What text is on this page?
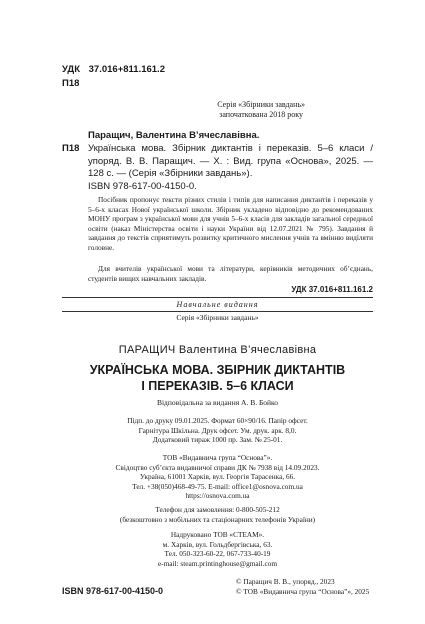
УДК 37.016+811.161.2
П18

Серія «Збірники завдань»

започаткована 2018 року

Паращич, Валентина В’ячеславівна.
П18 Українська мова. Збірник диктантів і переказів. 5–6 класи / упоряд. В. В. Паращич. — Х. : Вид. група «Основа», 2025. — 128 с. — (Серія «Збірники завдань»).
ISBN 978-617-00-4150-0.
Посібник пропонує тексти різних стилів і типів для написання диктантів і переказів у 5–6-х класах Нової української школи. Збірник укладено відповідно до рекомендованих МОНУ програм з української мови для учнів 5–6-х класів для закладів загальної середньої освіти (наказ Міністерства освіти і науки України від 12.07.2021 № 795). Завдання й завдання до текстів сприятимуть розвитку критичного мислення учнів та вмінню виділяти головне.
Для вчителів української мови та літератури, керівників методичних об’єднань, студентів вищих навчальних закладів.
УДК 37.016+811.161.2
Навчальне видання
Серія «Збірники завдань»
ПАРАЩИЧ Валентина В’ячеславівна

УКРАЇНСЬКА МОВА. ЗБІРНИК ДИКТАНТІВ

І ПЕРЕКАЗІВ. 5–6 КЛАСИ

Відповідальна за видання А. В. Бойко

Підп. до друку 09.01.2025. Формат 60×90/16. Папір офсет.

Гарнітура Шкільна. Друк офсет. Ум. друк. арк. 8,0.

Додатковий тираж 1000 пр. Зам. № 25-01.

ТОВ «Видавнича група “Основа”».

Свідоцтво суб’єкта видавничої справи ДК № 7938 від 14.09.2023.

Україна, 61001 Харків, вул. Георгія Тарасенка, 66.

Тел. +38(050)468-49-75. E-mail: office1@osnova.com.ua

https://osnova.com.ua

Телефон для замовлення: 0-800-505-212

(безкоштовно з мобільних та стаціонарних телефонів України)

Надруковано ТОВ «СТЕАМ».

м. Харків, вул. Гольдбергівська, 63.

Тел. 050-323-60-22, 067-733-40-19

e-mail: steam.printinghouse@gmail.com

ISBN 978-617-00-4150-0

© Паращич В. В., упоряд., 2023

© ТОВ «Видавнича група “Основа”», 2025
